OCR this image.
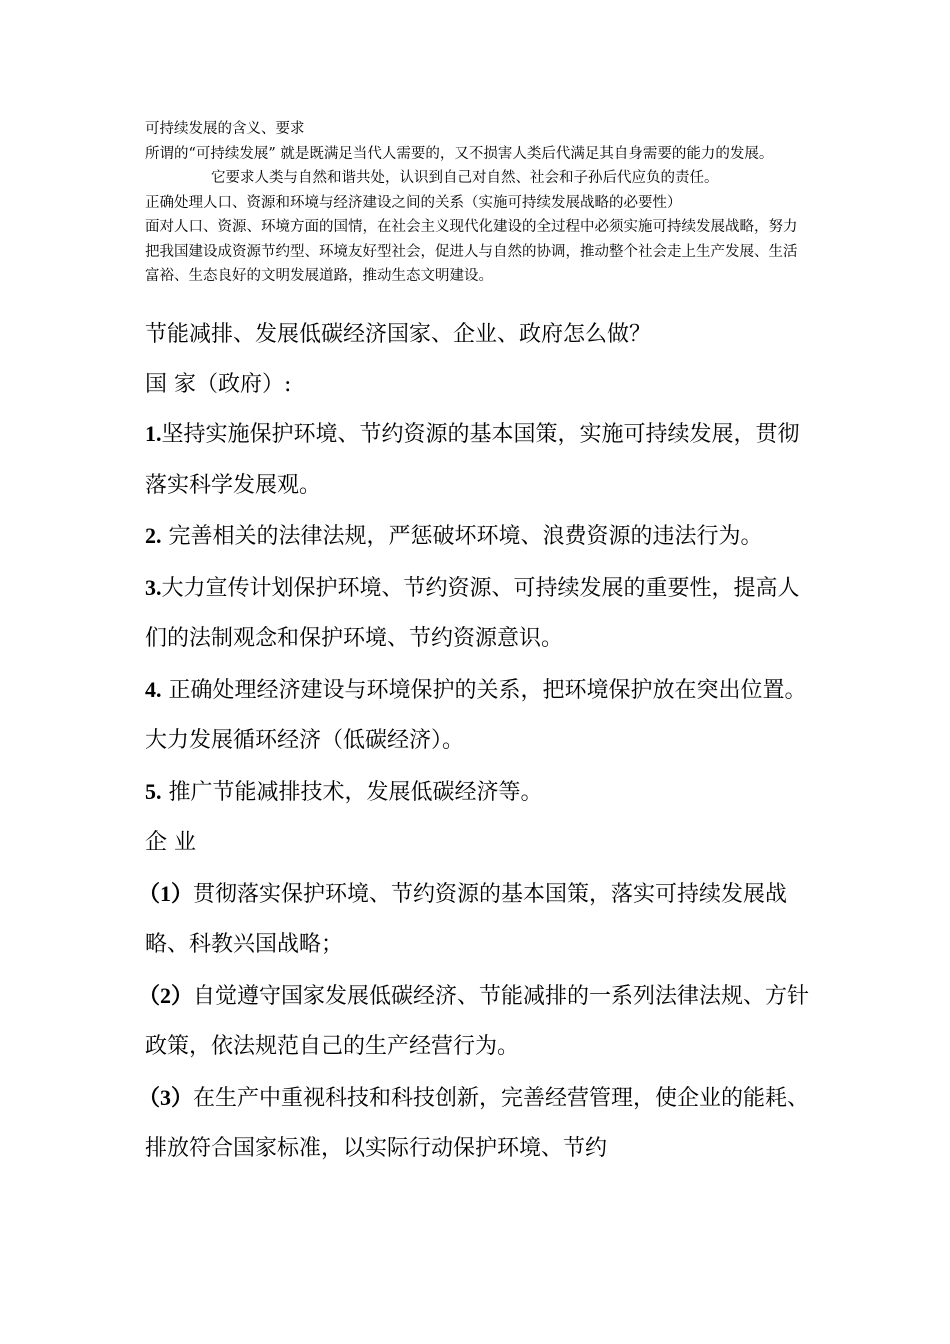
可持续发展的含义、要求

所谓的“可持续发展” 就是既满足当代人需要的，又不损害人类后代满足其自身需要的能力的发展。

它要求人类与自然和谐共处，认识到自己对自然、社会和子孙后代应负的责任。

正确处理人口、资源和环境与经济建设之间的关系（实施可持续发展战略的必要性）

面对人口、资源、环境方面的国情，在社会主义现代化建设的全过程中必须实施可持续发展战略，努力把我国建设成资源节约型、环境友好型社会，促进人与自然的协调，推动整个社会走上生产发展、生活富裕、生态良好的文明发展道路，推动生态文明建设。

节能减排、发展低碳经济国家、企业、政府怎么做？

国 家（政府）:

1.坚持实施保护环境、节约资源的基本国策，实施可持续发展，贯彻落实科学发展观。

2. 完善相关的法律法规，严惩破坏环境、浪费资源的违法行为。

3.大力宣传计划保护环境、节约资源、可持续发展的重要性，提高人们的法制观念和保护环境、节约资源意识。

4. 正确处理经济建设与环境保护的关系，把环境保护放在突出位置。大力发展循环经济（低碳经济）。

5. 推广节能减排技术，发展低碳经济等。

企 业

（1）贯彻落实保护环境、节约资源的基本国策，落实可持续发展战略、科教兴国战略；

（2）自觉遵守国家发展低碳经济、节能减排的一系列法律法规、方针政策，依法规范自己的生产经营行为。

（3）在生产中重视科技和科技创新，完善经营管理，使企业的能耗、排放符合国家标准，以实际行动保护环境、节约
